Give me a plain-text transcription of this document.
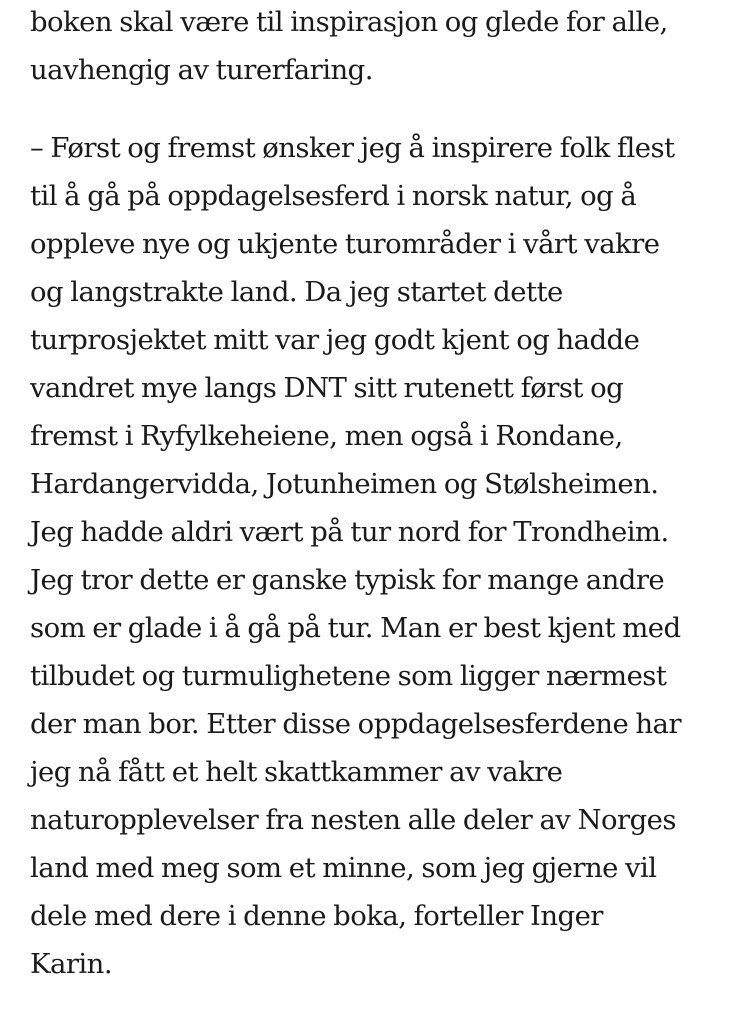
boken skal være til inspirasjon og glede for alle,
uavhengig av turerfaring.

– Først og fremst ønsker jeg å inspirere folk flest
til å gå på oppdagelsesferd i norsk natur, og å
oppleve nye og ukjente turområder i vårt vakre
og langstrakte land. Da jeg startet dette
turprosjektet mitt var jeg godt kjent og hadde
vandret mye langs DNT sitt rutenett først og
fremst i Ryfylkeheiene, men også i Rondane,
Hardangervidda, Jotunheimen og Stølsheimen.
Jeg hadde aldri vært på tur nord for Trondheim.
Jeg tror dette er ganske typisk for mange andre
som er glade i å gå på tur. Man er best kjent med
tilbudet og turmulighetene som ligger nærmest
der man bor. Etter disse oppdagelsesferdene har
jeg nå fått et helt skattkammer av vakre
naturopplevelser fra nesten alle deler av Norges
land med meg som et minne, som jeg gjerne vil
dele med dere i denne boka, forteller Inger
Karin.
